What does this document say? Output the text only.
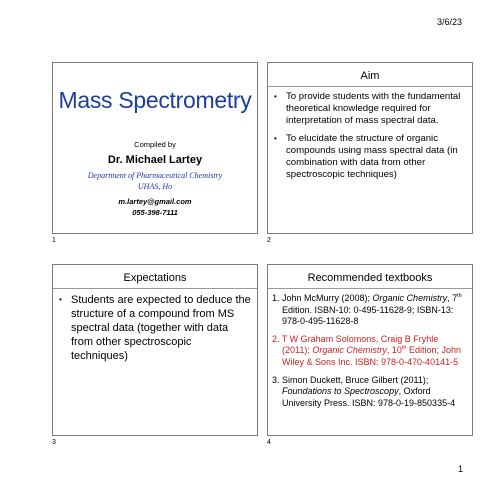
3/6/23
Mass Spectrometry
Compiled by
Dr. Michael Lartey
Department of Pharmaceutical Chemistry
UHAS, Ho
m.lartey@gmail.com
055-398-7111
1
Aim
• To provide students with the fundamental theoretical knowledge required for interpretation of mass spectral data.
• To elucidate the structure of organic compounds using mass spectral data (in combination with data from other spectroscopic techniques)
2
Expectations
• Students are expected to deduce the structure of a compound from MS spectral data (together with data from other spectroscopic techniques)
3
Recommended textbooks
1. John McMurry (2008); Organic Chemistry, 7th Edition. ISBN-10: 0-495-11628-9; ISBN-13: 978-0-495-11628-8
2. T W Graham Solomons, Craig B Fryhle (2011); Organic Chemistry, 10th Edition; John Wiley & Sons Inc. ISBN: 978-0-470-40141-5
3. Simon Duckett, Bruce Gilbert (2011); Foundations to Spectroscopy, Oxford University Press. ISBN: 978-0-19-850335-4
4
1
